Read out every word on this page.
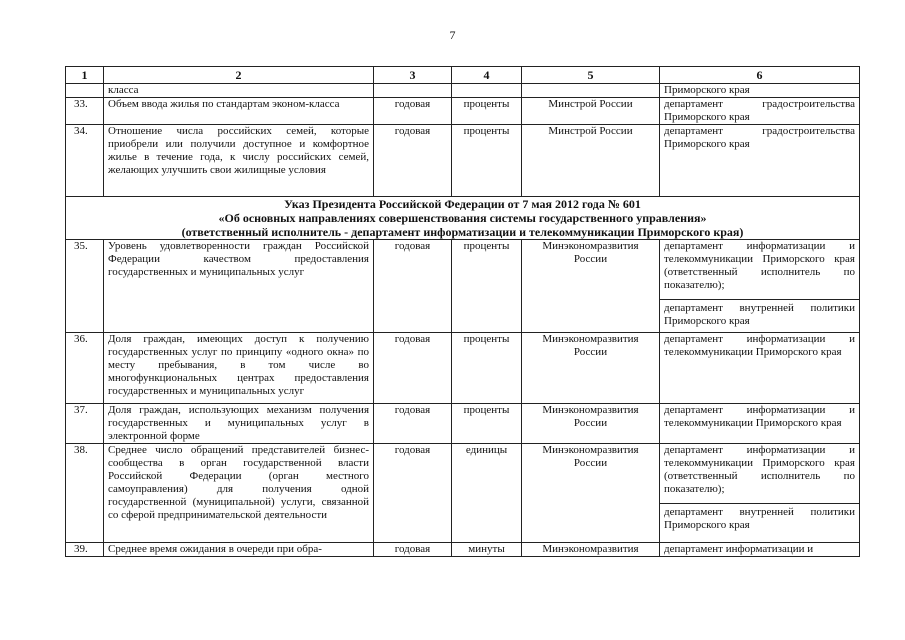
7
1	2	3	4	5	6
	класса				Приморского края

33.	Объем ввода жилья по стандартам эконом-класса	годовая	проценты	Минстрой России	департамент градостроительства Приморского края

34.	Отношение числа российских семей, которые приобрели или получили доступное и комфортное жилье в течение года, к числу российских семей, желающих улучшить свои жилищные условия	годовая	проценты	Минстрой России	департамент градостроительства Приморского края

Указ Президента Российской Федерации от 7 мая 2012 года № 601
«Об основных направлениях совершенствования системы государственного управления»
(ответственный исполнитель - департамент информатизации и телекоммуникации Приморского края)					

35.	Уровень удовлетворенности граждан Российской Федерации качеством предоставления государственных и муниципальных услуг	годовая	проценты	Минэкономразвития России	департамент информатизации и телекоммуникации Приморского края (ответственный исполнитель по показателю);
департамент внутренней политики Приморского края

36.	Доля граждан, имеющих доступ к получению государственных услуг по принципу «одного окна» по месту пребывания, в том числе во многофункциональных центрах предоставления государственных и муниципальных услуг	годовая	проценты	Минэкономразвития России	департамент информатизации и телекоммуникации Приморского края

37.	Доля граждан, использующих механизм получения государственных и муниципальных услуг в электронной форме	годовая	проценты	Минэкономразвития России	департамент информатизации и телекоммуникации Приморского края

38.	Среднее число обращений представителей бизнес-сообщества в орган государственной власти Российской Федерации (орган местного самоуправления) для получения одной государственной (муниципальной) услуги, связанной со сферой предпринимательской деятельности	годовая	единицы	Минэкономразвития России	департамент информатизации и телекоммуникации Приморского края (ответственный исполнитель по показателю);
департамент внутренней политики Приморского края

39.	Среднее время ожидания в очереди при обра-	годовая	минуты	Минэкономразвития	департамент информатизации и
